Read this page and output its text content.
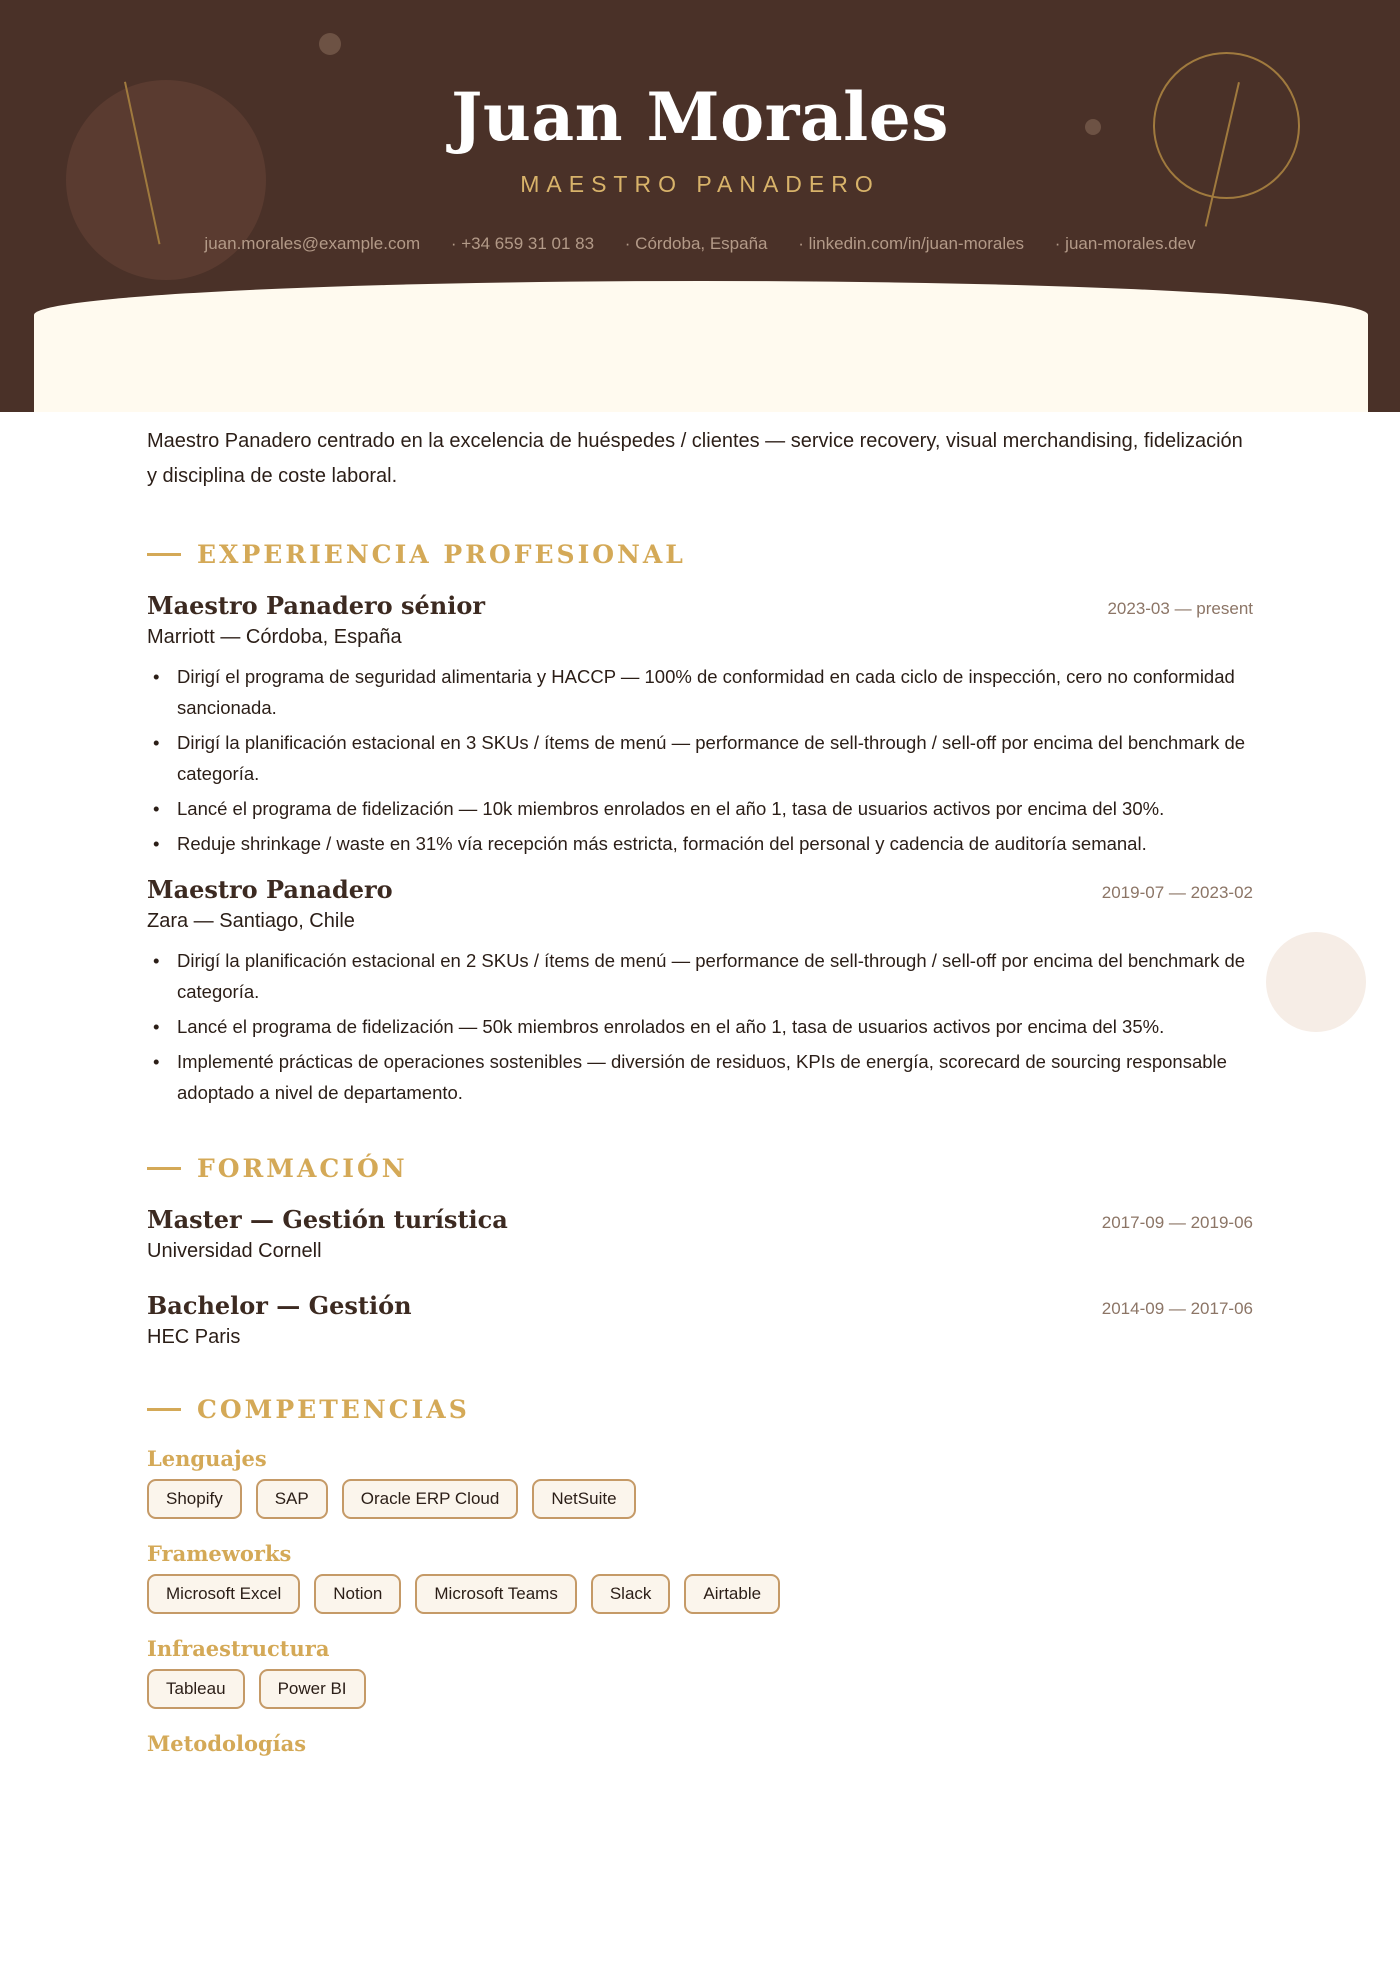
Juan Morales
MAESTRO PANADERO
juan.morales@example.com · +34 659 31 01 83 · Córdoba, España · linkedin.com/in/juan-morales · juan-morales.dev

Maestro Panadero centrado en la excelencia de huéspedes / clientes — service recovery, visual merchandising, fidelización y disciplina de coste laboral.

EXPERIENCIA PROFESIONAL
Maestro Panadero sénior	2023-03 — present
Marriott — Córdoba, España
• Dirigí el programa de seguridad alimentaria y HACCP — 100% de conformidad en cada ciclo de inspección, cero no conformidad sancionada.
• Dirigí la planificación estacional en 3 SKUs / ítems de menú — performance de sell-through / sell-off por encima del benchmark de categoría.
• Lancé el programa de fidelización — 10k miembros enrolados en el año 1, tasa de usuarios activos por encima del 30%.
• Reduje shrinkage / waste en 31% vía recepción más estricta, formación del personal y cadencia de auditoría semanal.
Maestro Panadero	2019-07 — 2023-02
Zara — Santiago, Chile
• Dirigí la planificación estacional en 2 SKUs / ítems de menú — performance de sell-through / sell-off por encima del benchmark de categoría.
• Lancé el programa de fidelización — 50k miembros enrolados en el año 1, tasa de usuarios activos por encima del 35%.
• Implementé prácticas de operaciones sostenibles — diversión de residuos, KPIs de energía, scorecard de sourcing responsable adoptado a nivel de departamento.
FORMACIÓN
Master — Gestión turística	2017-09 — 2019-06
Universidad Cornell
Bachelor — Gestión	2014-09 — 2017-06
HEC Paris
COMPETENCIAS
Lenguajes
Shopify	SAP	Oracle ERP Cloud	NetSuite
Frameworks
Microsoft Excel	Notion	Microsoft Teams	Slack	Airtable
Infraestructura
Tableau	Power BI
Metodologías
